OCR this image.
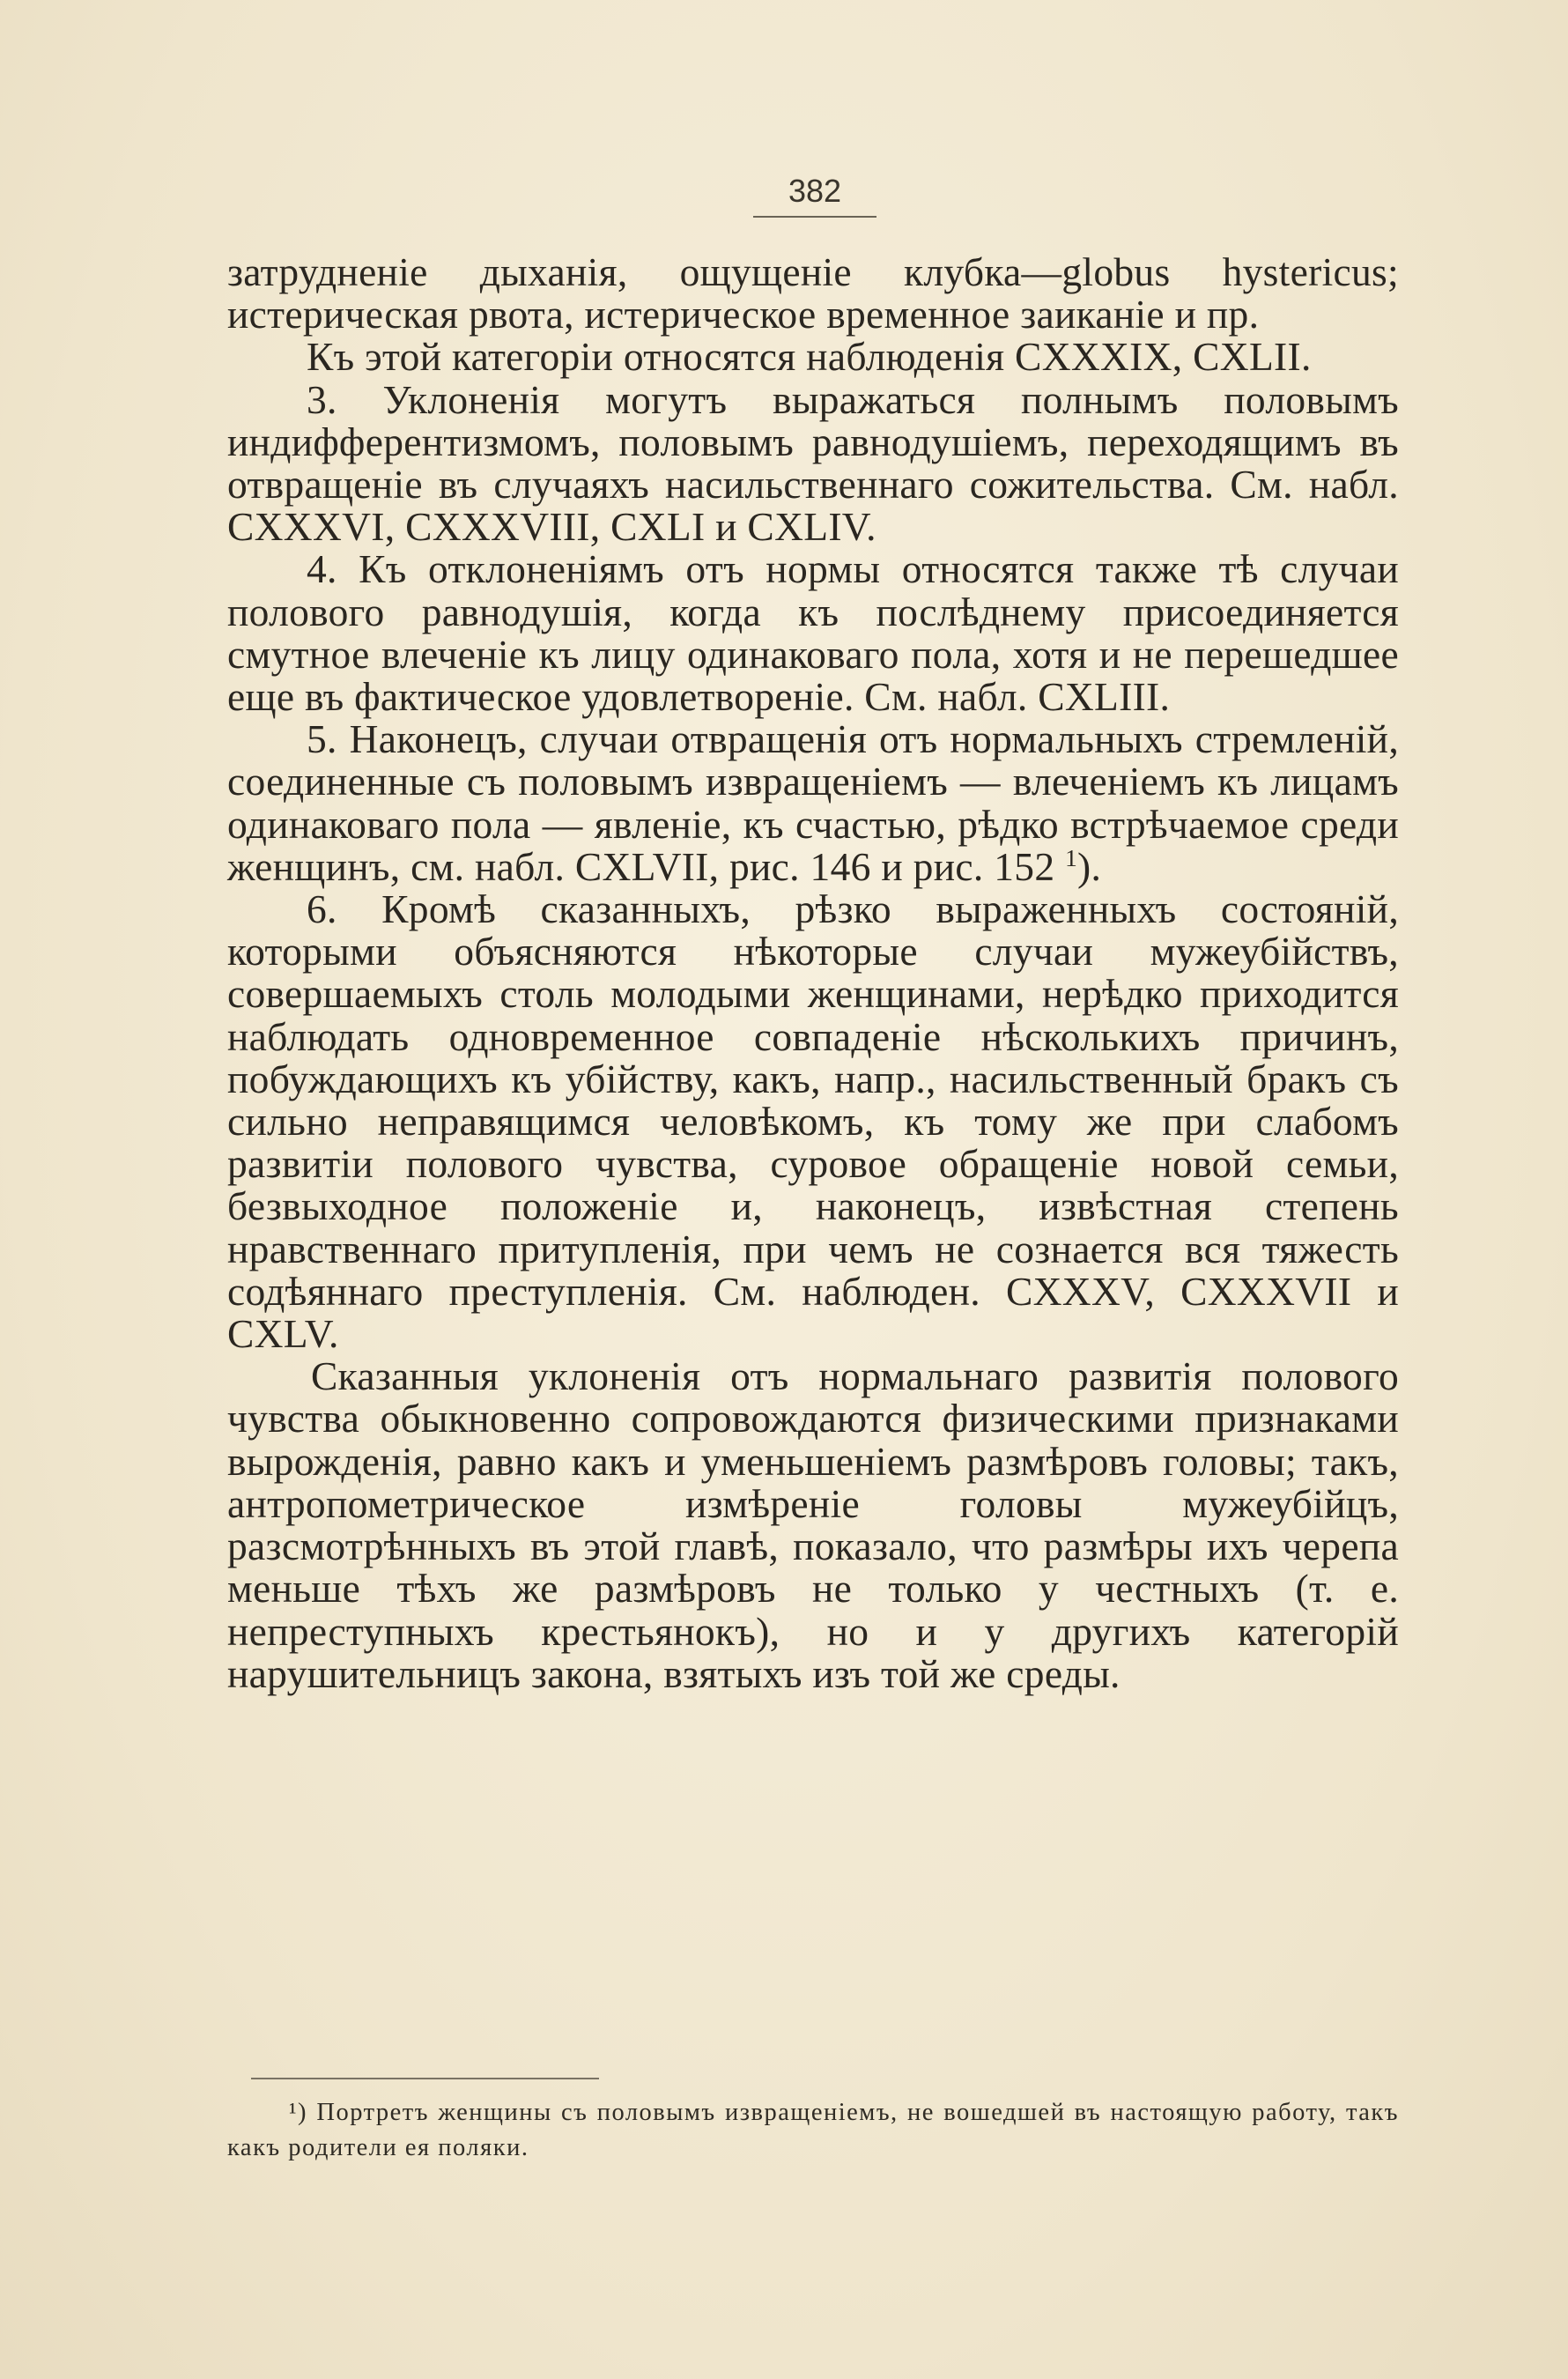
382

затрудненіе дыханія, ощущеніе клубка—globus hystericus; истерическая рвота, истерическое временное заиканіе и пр.

Къ этой категоріи относятся наблюденія CXXXIX, CXLII.

3. Уклоненія могутъ выражаться полнымъ половымъ индифферентизмомъ, половымъ равнодушіемъ, переходящимъ въ отвращеніе въ случаяхъ насильственнаго сожительства. См. набл. CXXXVI, CXXXVIII, CXLI и CXLIV.

4. Къ отклоненіямъ отъ нормы относятся также тѣ случаи полового равнодушія, когда къ послѣднему присоединяется смутное влеченіе къ лицу одинаковаго пола, хотя и не перешедшее еще въ фактическое удовлетвореніе. См. набл. CXLIII.

5. Наконецъ, случаи отвращенія отъ нормальныхъ стремленій, соединенные съ половымъ извращеніемъ — влеченіемъ къ лицамъ одинаковаго пола — явленіе, къ счастью, рѣдко встрѣчаемое среди женщинъ, см. набл. CXLVII, рис. 146 и рис. 152 $^1$).

6. Кромѣ сказанныхъ, рѣзко выраженныхъ состояній, которыми объясняются нѣкоторые случаи мужеубійствъ, совершаемыхъ столь молодыми женщинами, нерѣдко приходится наблюдать одновременное совпаденіе нѣсколькихъ причинъ, побуждающихъ къ убійству, какъ, напр., насильственный бракъ съ сильно неправящимся человѣкомъ, къ тому же при слабомъ развитіи полового чувства, суровое обращеніе новой семьи, безвыходное положеніе и, наконецъ, извѣстная степень нравственнаго притупленія, при чемъ не сознается вся тяжесть содѣяннаго преступленія. См. наблюден. CXXXV, CXXXVII и CXLV.

Сказанныя уклоненія отъ нормальнаго развитія полового чувства обыкновенно сопровождаются физическими признаками вырожденія, равно какъ и уменьшеніемъ размѣровъ головы; такъ, антропометрическое измѣреніе головы мужеубійцъ, разсмотрѣнныхъ въ этой главѣ, показало, что размѣры ихъ черепа меньше тѣхъ же размѣровъ не только у честныхъ (т. е. непреступныхъ крестьянокъ), но и у другихъ категорій нарушительницъ закона, взятыхъ изъ той же среды.

¹) Портретъ женщины съ половымъ извращеніемъ, не вошедшей въ настоящую работу, такъ какъ родители ея поляки.
